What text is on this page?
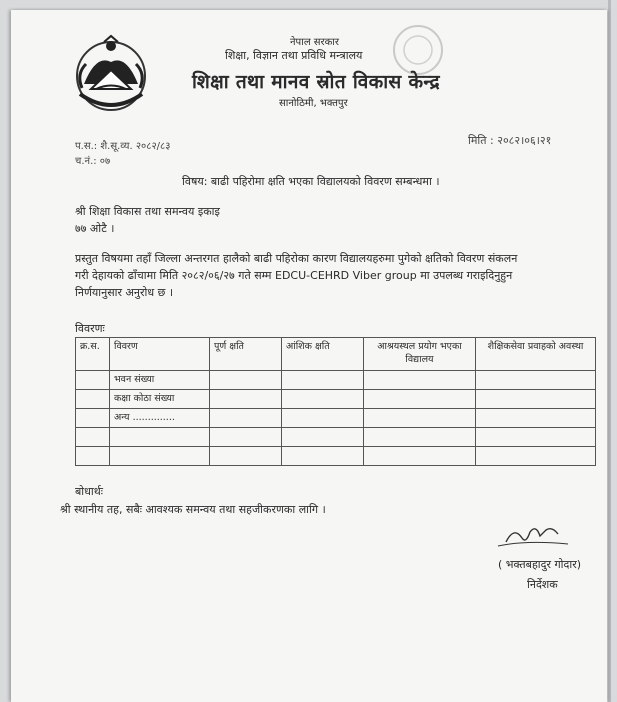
नेपाल सरकार
शिक्षा, विज्ञान तथा प्रविधि मन्त्रालय
शिक्षा तथा मानव स्रोत विकास केन्द्र
सानोठिमी, भक्तपुर
प.स.: शै.सू.व्य. २०८२/८३
च.नं.: ०७
मिति : २०८२।०६।२१
विषय: बाढी पहिरोमा क्षति भएका विद्यालयको विवरण सम्बन्धमा ।
श्री शिक्षा विकास तथा समन्वय इकाइ
७७ ओटै ।
प्रस्तुत विषयमा तहाँ जिल्ला अन्तरगत हालैको बाढी पहिरोका कारण विद्यालयहरुमा पुगेको क्षतिको विवरण संकलन
गरी देहायको ढाँचामा मिति २०८२/०६/२७ गते सम्म EDCU-CEHRD Viber group मा उपलब्ध गराइदिनुहुन
निर्णयानुसार अनुरोध छ ।
विवरणः
क्र.स.	विवरण	पूर्ण क्षति	आंशिक क्षति	आश्रयस्थल प्रयोग भएका विद्यालय	शैक्षिकसेवा प्रवाहको अवस्था
	भवन संख्या				
	कक्षा कोठा संख्या				
	अन्य ..............				

बोधार्थः
श्री स्थानीय तह, सबैः आवश्यक समन्वय तथा सहजीकरणका लागि ।
( भक्तबहादुर गोदार)
निर्देशक
